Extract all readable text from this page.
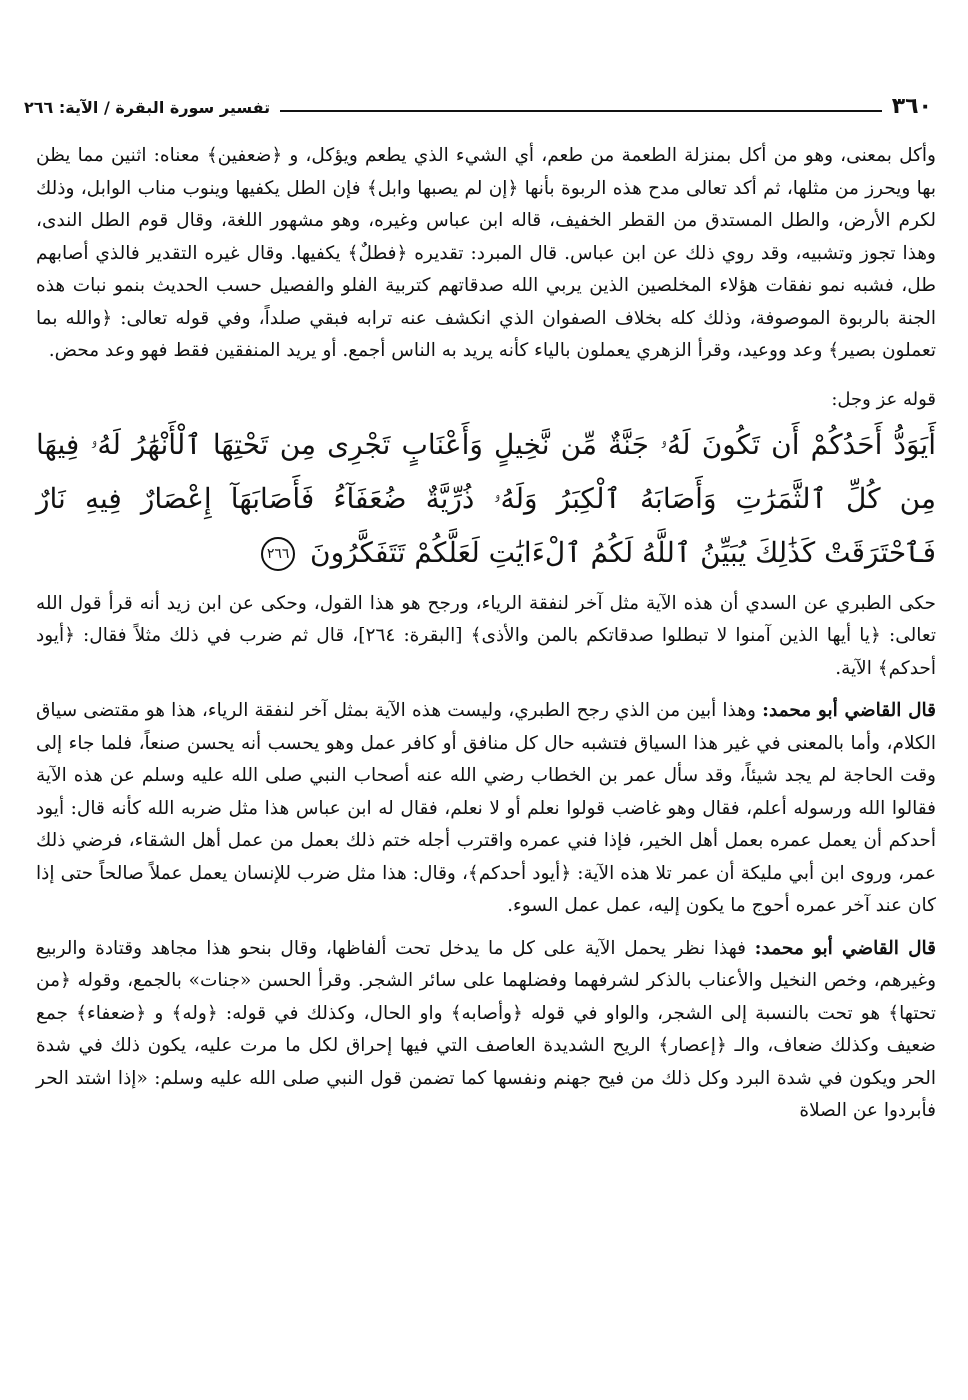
٣٦٠
تفسير سورة البقرة / الآية: ٢٦٦

وأكل بمعنى، وهو من أكل بمنزلة الطعمة من طعم، أي الشيء الذي يطعم ويؤكل، و ﴿ضعفين﴾ معناه: اثنين مما يظن بها ويحرز من مثلها، ثم أكد تعالى مدح هذه الربوة بأنها ﴿إن لم يصبها وابل﴾ فإن الطل يكفيها وينوب مناب الوابل، وذلك لكرم الأرض، والطل المستدق من القطر الخفيف، قاله ابن عباس وغيره، وهو مشهور اللغة، وقال قوم الطل الندى، وهذا تجوز وتشبيه، وقد روي ذلك عن ابن عباس. قال المبرد: تقديره ﴿فطلٌ﴾ يكفيها. وقال غيره التقدير فالذي أصابهم طل، فشبه نمو نفقات هؤلاء المخلصين الذين يربي الله صدقاتهم كتربية الفلو والفصيل حسب الحديث بنمو نبات هذه الجنة بالربوة الموصوفة، وذلك كله بخلاف الصفوان الذي انكشف عنه ترابه فبقي صلداً، وفي قوله تعالى: ﴿والله بما تعملون بصير﴾ وعد ووعيد، وقرأ الزهري يعملون بالياء كأنه يريد به الناس أجمع. أو يريد المنفقين فقط فهو وعد محض.

قوله عز وجل:

أَيَوَدُّ أَحَدُكُمْ أَن تَكُونَ لَهُۥ جَنَّةٌ مِّن نَّخِيلٍ وَأَعْنَابٍ تَجْرِى مِن تَحْتِهَا ٱلْأَنْهَٰرُ لَهُۥ فِيهَا مِن كُلِّ ٱلثَّمَرَٰتِ وَأَصَابَهُ ٱلْكِبَرُ وَلَهُۥ ذُرِّيَّةٌ ضُعَفَآءُ فَأَصَابَهَآ إِعْصَارٌ فِيهِ نَارٌ فَٱحْتَرَقَتْ كَذَٰلِكَ يُبَيِّنُ ٱللَّهُ لَكُمُ ٱلْءَايَٰتِ لَعَلَّكُمْ تَتَفَكَّرُونَ ٢٦٦

حكى الطبري عن السدي أن هذه الآية مثل آخر لنفقة الرياء، ورجح هو هذا القول، وحكى عن ابن زيد أنه قرأ قول الله تعالى: ﴿يا أيها الذين آمنوا لا تبطلوا صدقاتكم بالمن والأذى﴾ [البقرة: ٢٦٤]، قال ثم ضرب في ذلك مثلاً فقال: ﴿أيود أحدكم﴾ الآية.

قال القاضي أبو محمد: وهذا أبين من الذي رجح الطبري، وليست هذه الآية بمثل آخر لنفقة الرياء، هذا هو مقتضى سياق الكلام، وأما بالمعنى في غير هذا السياق فتشبه حال كل منافق أو كافر عمل وهو يحسب أنه يحسن صنعاً، فلما جاء إلى وقت الحاجة لم يجد شيئاً، وقد سأل عمر بن الخطاب رضي الله عنه أصحاب النبي صلى الله عليه وسلم عن هذه الآية فقالوا الله ورسوله أعلم، فقال وهو غاضب قولوا نعلم أو لا نعلم، فقال له ابن عباس هذا مثل ضربه الله كأنه قال: أيود أحدكم أن يعمل عمره بعمل أهل الخير، فإذا فني عمره واقترب أجله ختم ذلك بعمل من عمل أهل الشقاء، فرضي ذلك عمر، وروى ابن أبي مليكة أن عمر تلا هذه الآية: ﴿أيود أحدكم﴾، وقال: هذا مثل ضرب للإنسان يعمل عملاً صالحاً حتى إذا كان عند آخر عمره أحوج ما يكون إليه، عمل عمل السوء.

قال القاضي أبو محمد: فهذا نظر يحمل الآية على كل ما يدخل تحت ألفاظها، وقال بنحو هذا مجاهد وقتادة والربيع وغيرهم، وخص النخيل والأعناب بالذكر لشرفهما وفضلهما على سائر الشجر. وقرأ الحسن «جنات» بالجمع، وقوله ﴿من تحتها﴾ هو تحت بالنسبة إلى الشجر، والواو في قوله ﴿وأصابه﴾ واو الحال، وكذلك في قوله: ﴿وله﴾ و ﴿ضعفاء﴾ جمع ضعيف وكذلك ضعاف، والـ ﴿إعصار﴾ الريح الشديدة العاصف التي فيها إحراق لكل ما مرت عليه، يكون ذلك في شدة الحر ويكون في شدة البرد وكل ذلك من فيح جهنم ونفسها كما تضمن قول النبي صلى الله عليه وسلم: «إذا اشتد الحر فأبردوا عن الصلاة
